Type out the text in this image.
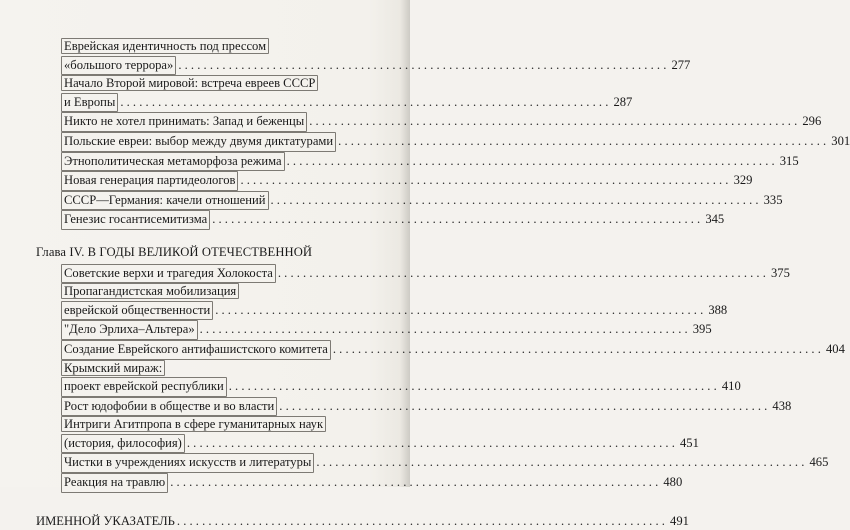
Еврейская идентичность под прессом
«большого террора» . . .	277
Начало Второй мировой: встреча евреев СССР
и Европы . . .	287
Никто не хотел принимать: Запад и беженцы . . .	296
Польские евреи: выбор между двумя диктатурами . . .	301
Этнополитическая метаморфоза режима . . .	315
Новая генерация партидеологов . . .	329
СССР—Германия: качели отношений . . .	335
Генезис госантисемитизма . . .	345
Глава IV. В ГОДЫ ВЕЛИКОЙ ОТЕЧЕСТВЕННОЙ
Советские верхи и трагедия Холокоста . . .	375
Пропагандистская мобилизация
еврейской общественности . . .	388
"Дело Эрлиха–Альтера» . . .	395
Создание Еврейского антифашистского комитета . . .	404
Крымский мираж:
проект еврейской республики . . .	410
Рост юдофобии в обществе и во власти . . .	438
Интриги Агитпропа в сфере гуманитарных наук
(история, философия) . . .	451
Чистки в учреждениях искусств и литературы . . .	465
Реакция на травлю . . .	480
ИМЕННОЙ УКАЗАТЕЛЬ . . .	491
